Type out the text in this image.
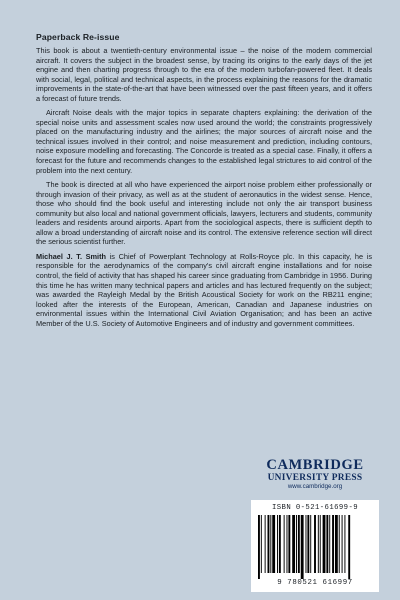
Paperback Re-issue

This book is about a twentieth-century environmental issue – the noise of the modern commercial aircraft. It covers the subject in the broadest sense, by tracing its origins to the early days of the jet engine and then charting progress through to the era of the modern turbofan-powered fleet. It deals with social, legal, political and technical aspects, in the process explaining the reasons for the dramatic improvements in the state-of-the-art that have been witnessed over the past fifteen years, and it offers a forecast of future trends.

Aircraft Noise deals with the major topics in separate chapters explaining: the derivation of the special noise units and assessment scales now used around the world; the constraints progressively placed on the manufacturing industry and the airlines; the major sources of aircraft noise and the technical issues involved in their control; and noise measurement and prediction, including contours, noise exposure modelling and forecasting. The Concorde is treated as a special case. Finally, it offers a forecast for the future and recommends changes to the established legal strictures to aid control of the problem into the next century.

The book is directed at all who have experienced the airport noise problem either professionally or through invasion of their privacy, as well as at the student of aeronautics in the widest sense. Hence, those who should find the book useful and interesting include not only the air transport business community but also local and national government officials, lawyers, lecturers and students, community leaders and residents around airports. Apart from the sociological aspects, there is sufficient depth to allow a broad understanding of aircraft noise and its control. The extensive reference section will direct the serious scientist further.

Michael J. T. Smith is Chief of Powerplant Technology at Rolls-Royce plc. In this capacity, he is responsible for the aerodynamics of the company's civil aircraft engine installations and for noise control, the field of activity that has shaped his career since graduating from Cambridge in 1956. During this time he has written many technical papers and articles and has lectured frequently on the subject; was awarded the Rayleigh Medal by the British Acoustical Society for work on the RB211 engine; looked after the interests of the European, American, Canadian and Japanese industries on environmental issues within the International Civil Aviation Organisation; and has been an active Member of the U.S. Society of Automotive Engineers and of industry and government committees.

CAMBRIDGE
UNIVERSITY PRESS
www.cambridge.org
ISBN 0-521-61699-9
9 780521 616997
